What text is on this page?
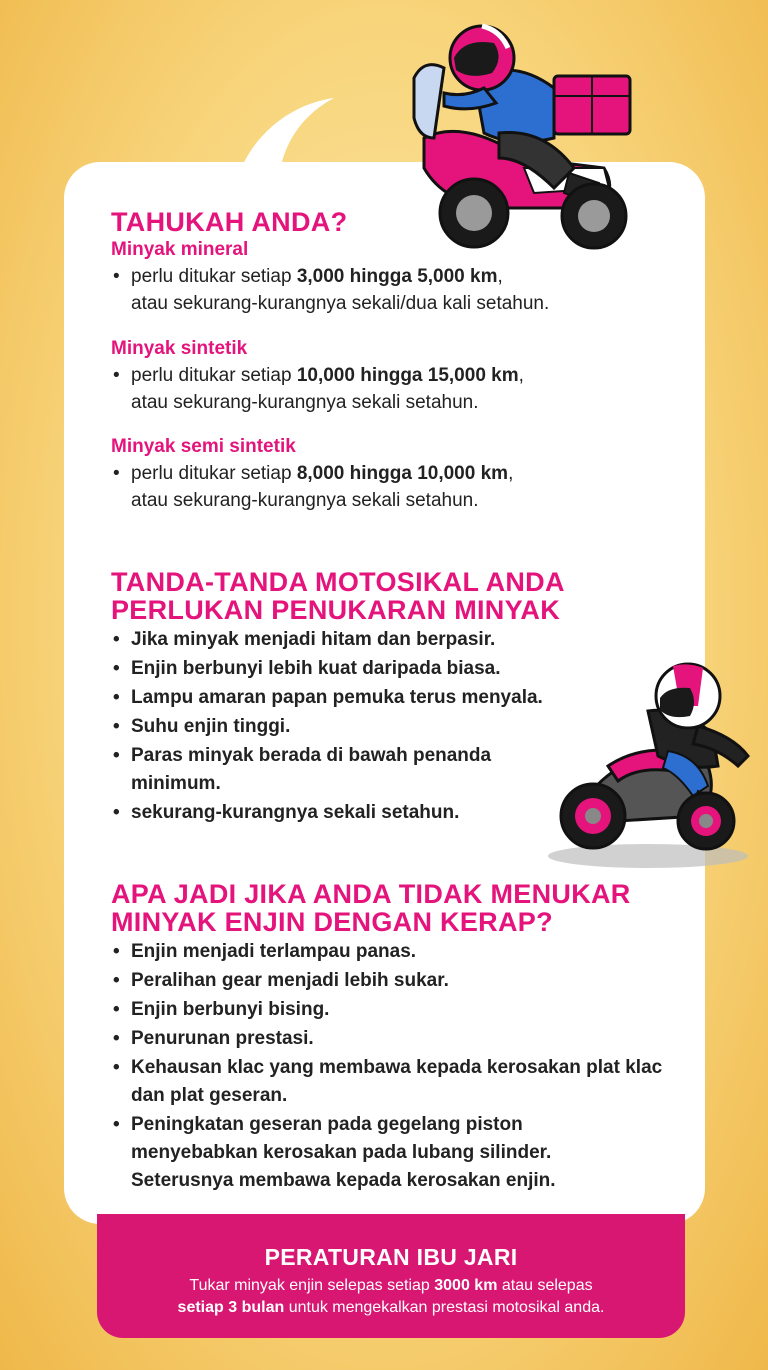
TAHUKAH ANDA?

Minyak mineral

• perlu ditukar setiap 3,000 hingga 5,000 km,
atau sekurang-kurangnya sekali/dua kali setahun.

Minyak sintetik

• perlu ditukar setiap 10,000 hingga 15,000 km,
atau sekurang-kurangnya sekali setahun.

Minyak semi sintetik

• perlu ditukar setiap 8,000 hingga 10,000 km,
atau sekurang-kurangnya sekali setahun.
TANDA-TANDA MOTOSIKAL ANDA
PERLUKAN PENUKARAN MINYAK
• Jika minyak menjadi hitam dan berpasir.
• Enjin berbunyi lebih kuat daripada biasa.
• Lampu amaran papan pemuka terus menyala.
• Suhu enjin tinggi.
• Paras minyak berada di bawah penanda minimum.
• sekurang-kurangnya sekali setahun.
APA JADI JIKA ANDA TIDAK MENUKAR
MINYAK ENJIN DENGAN KERAP?
• Enjin menjadi terlampau panas.
• Peralihan gear menjadi lebih sukar.
• Enjin berbunyi bising.
• Penurunan prestasi.
• Kehausan klac yang membawa kepada kerosakan plat klac dan plat geseran.
• Peningkatan geseran pada gegelang piston menyebabkan kerosakan pada lubang silinder. Seterusnya membawa kepada kerosakan enjin.

PERATURAN IBU JARI

Tukar minyak enjin selepas setiap 3000 km atau selepas
setiap 3 bulan untuk mengekalkan prestasi motosikal anda.
